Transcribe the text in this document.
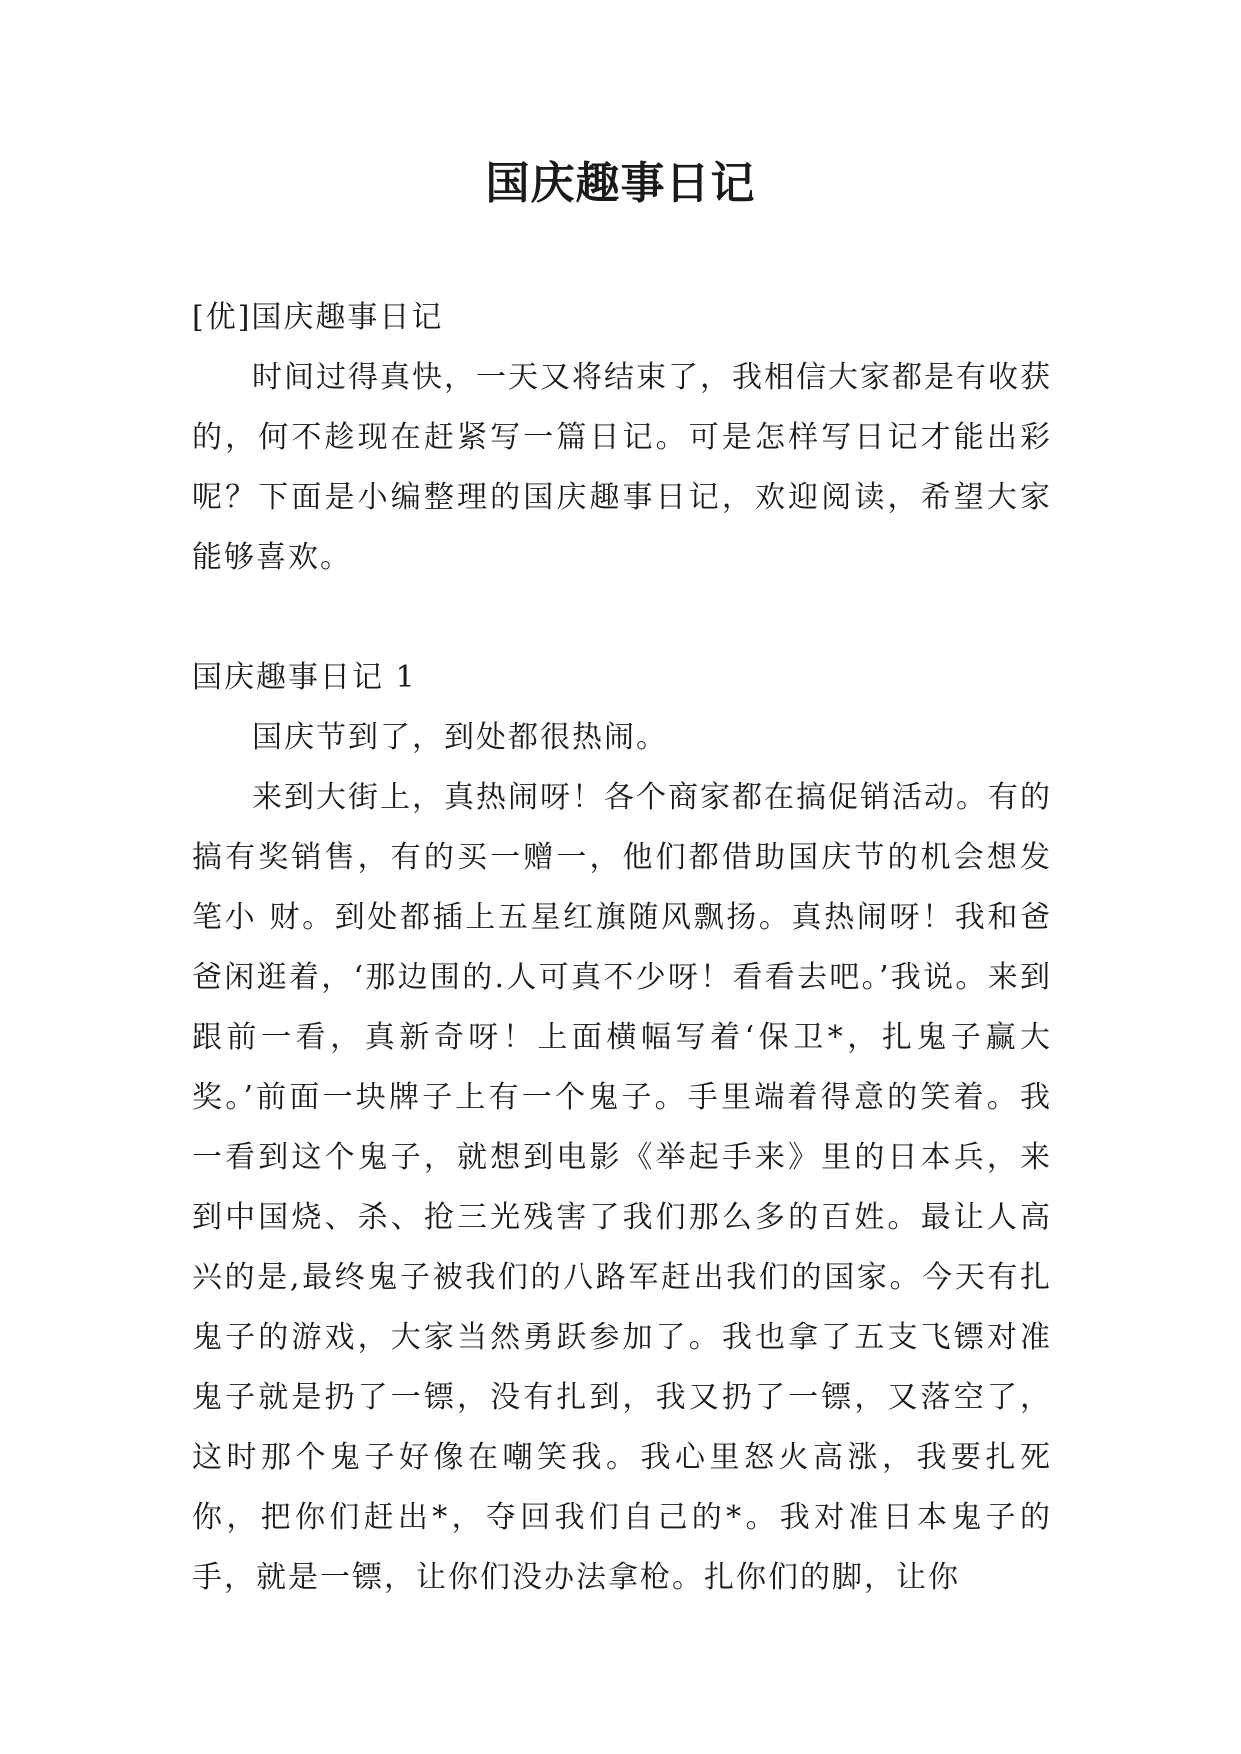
国庆趣事日记

[优]国庆趣事日记

时间过得真快，一天又将结束了，我相信大家都是有收获的，何不趁现在赶紧写一篇日记。可是怎样写日记才能出彩呢？下面是小编整理的国庆趣事日记，欢迎阅读，希望大家能够喜欢。

国庆趣事日记 1

国庆节到了，到处都很热闹。

来到大街上，真热闹呀！各个商家都在搞促销活动。有的搞有奖销售，有的买一赠一，他们都借助国庆节的机会想发笔小 财。到处都插上五星红旗随风飘扬。真热闹呀！我和爸爸闲逛着，‘那边围的.人可真不少呀！看看去吧。’我说。来到跟前一看，真新奇呀！上面横幅写着‘保卫*，扎鬼子赢大奖。’前面一块牌子上有一个鬼子。手里端着得意的笑着。我一看到这个鬼子，就想到电影《举起手来》里的日本兵，来到中国烧、杀、抢三光残害了我们那么多的百姓。最让人高兴的是,最终鬼子被我们的八路军赶出我们的国家。今天有扎鬼子的游戏，大家当然勇跃参加了。我也拿了五支飞镖对准鬼子就是扔了一镖，没有扎到，我又扔了一镖，又落空了，这时那个鬼子好像在嘲笑我。我心里怒火高涨，我要扎死你，把你们赶出*，夺回我们自己的*。我对准日本鬼子的手，就是一镖，让你们没办法拿枪。扎你们的脚，让你
